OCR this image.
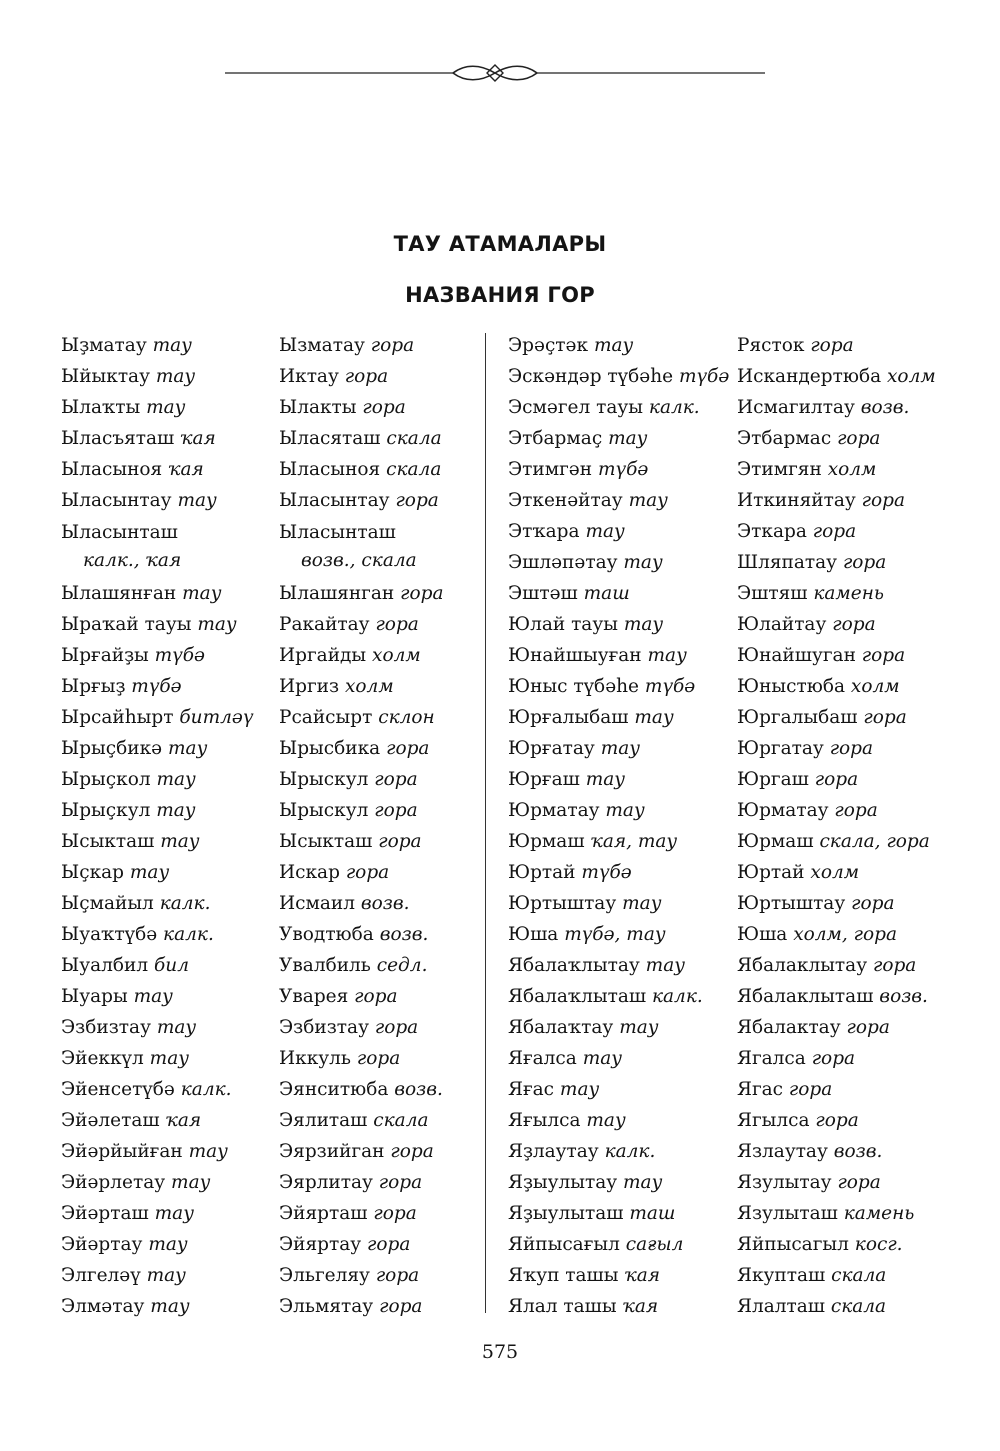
ТАУ АТАМАЛАРЫ
НАЗВАНИЯ ГОР
Ыҙматау тау
Ыйыктау тау
Ылаҡты тау
Ыласъяташ ҡая
Ыласыноя ҡая
Ыласынтау тау
Ыласынташ
калк., ҡая
Ылашянған тау
Ыраҡай тауы тау
Ырғайҙы түбә
Ырғыҙ түбә
Ырсайһырт битләү
Ырыҫбикә тау
Ырыҫкол тау
Ырыҫкул тау
Ысыкташ тау
Ыҫкар тау
Ыҫмайыл калк.
Ыуаҡтүбә калк.
Ыуалбил бил
Ыуары тау
Эзбизтау тау
Эйеккүл тау
Эйенсетүбә калк.
Эйәлеташ ҡая
Эйәрйыйған тау
Эйәрлетау тау
Эйәрташ тау
Эйәртау тау
Элгеләү тау
Элмәтау тау
Ызматау гора
Иктау гора
Ылакты гора
Ыласяташ скала
Ыласыноя скала
Ыласынтау гора
Ыласынташ
возв., скала
Ылашянган гора
Ракайтау гора
Иргайды холм
Иргиз холм
Рсайсырт склон
Ырысбика гора
Ырыскул гора
Ырыскул гора
Ысыкташ гора
Искар гора
Исмаил возв.
Уводтюба возв.
Увалбиль седл.
Уварея гора
Эзбизтау гора
Иккуль гора
Эянситюба возв.
Эялиташ скала
Эярзийган гора
Эярлитау гора
Эйярташ гора
Эйяртау гора
Эльгеляу гора
Эльмятау гора
Эрәҫтәк тау
Эскәндәр түбәһе түбә
Эсмәгел тауы калк.
Этбармаҫ тау
Этимгән түбә
Эткенәйтау тау
Этҡара тау
Эшләпәтау тау
Эштәш таш
Юлай тауы тау
Юнайшыуған тау
Юныс түбәһе түбә
Юрғалыбаш тау
Юрғатау тау
Юрғаш тау
Юрматау тау
Юрмаш ҡая, тау
Юртай түбә
Юртыштау тау
Юша түбә, тау
Ябалаҡлытау тау
Ябалаҡлыташ калк.
Ябалаҡтау тау
Яғалса тау
Яғас тау
Яғылса тау
Яҙлаутау калк.
Яҙыулытау тау
Яҙыулыташ таш
Яйпысағыл сағыл
Яҡуп ташы ҡая
Ялал ташы ҡая
Рясток гора
Искандертюба холм
Исмагилтау возв.
Этбармас гора
Этимгян холм
Иткиняйтау гора
Эткара гора
Шляпатау гора
Эштяш камень
Юлайтау гора
Юнайшуган гора
Юныстюба холм
Юргалыбаш гора
Юргатау гора
Юргаш гора
Юрматау гора
Юрмаш скала, гора
Юртай холм
Юртыштау гора
Юша холм, гора
Ябалаклытау гора
Ябалаклыташ возв.
Ябалактау гора
Ягалса гора
Ягас гора
Ягылса гора
Язлаутау возв.
Язулытау гора
Язулыташ камень
Яйпысагыл косг.
Якупташ скала
Ялалташ скала
575
